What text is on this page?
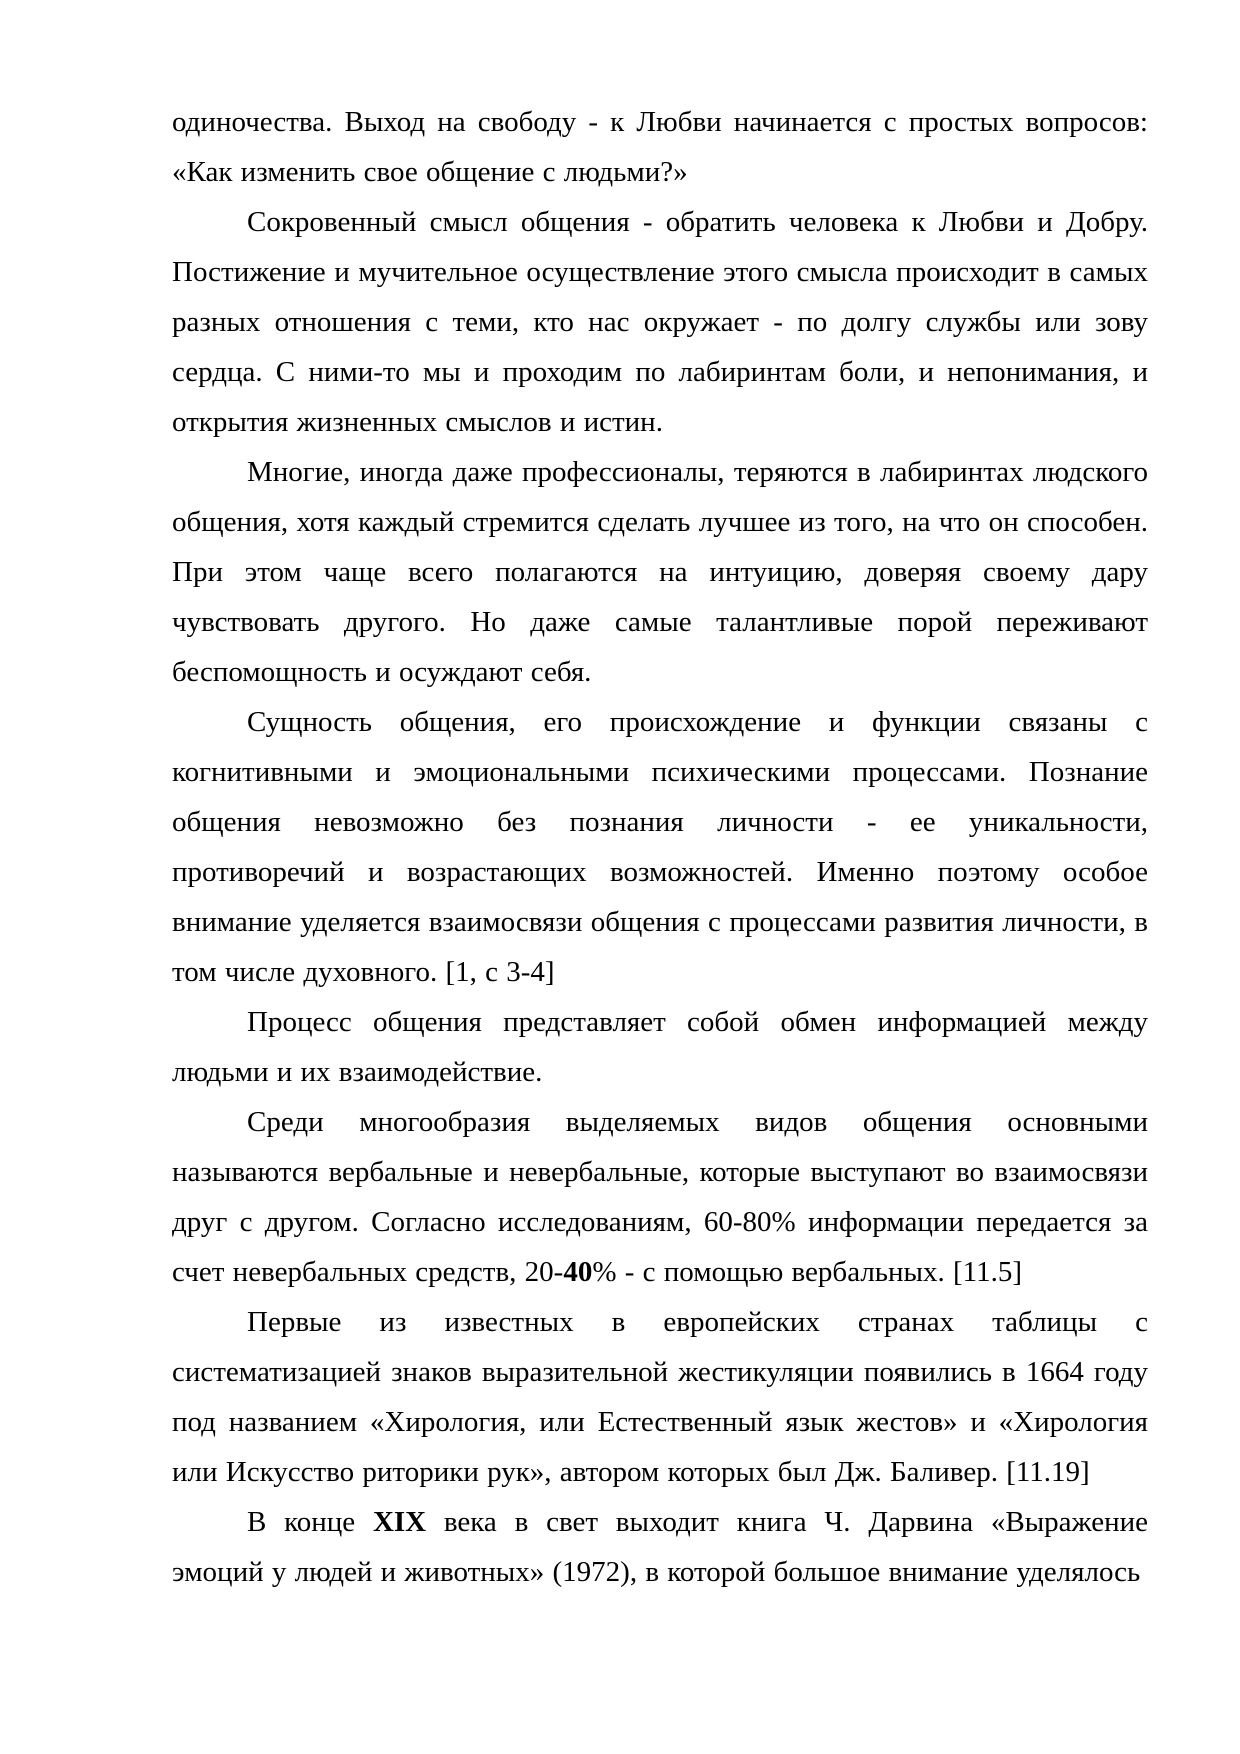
одиночества. Выход на свободу - к Любви начинается с простых вопросов: «Как изменить свое общение с людьми?»

Сокровенный смысл общения - обратить человека к Любви и Добру. Постижение и мучительное осуществление этого смысла происходит в самых разных отношения с теми, кто нас окружает - по долгу службы или зову сердца. С ними-то мы и проходим по лабиринтам боли, и непонимания, и открытия жизненных смыслов и истин.

Многие, иногда даже профессионалы, теряются в лабиринтах людского общения, хотя каждый стремится сделать лучшее из того, на что он способен. При этом чаще всего полагаются на интуицию, доверяя своему дару чувствовать другого. Но даже самые талантливые порой переживают беспомощность и осуждают себя.

Сущность общения, его происхождение и функции связаны с когнитивными и эмоциональными психическими процессами. Познание общения невозможно без познания личности - ее уникальности, противоречий и возрастающих возможностей. Именно поэтому особое внимание уделяется взаимосвязи общения с процессами развития личности, в том числе духовного. [1, с 3-4]

Процесс общения представляет собой обмен информацией между людьми и их взаимодействие.

Среди многообразия выделяемых видов общения основными называются вербальные и невербальные, которые выступают во взаимосвязи друг с другом. Согласно исследованиям, 60-80% информации передается за счет невербальных средств, 20-40% - с помощью вербальных. [11.5]

Первые из известных в европейских странах таблицы с систематизацией знаков выразительной жестикуляции появились в 1664 году под названием «Хирология, или Естественный язык жестов» и «Хирология или Искусство риторики рук», автором которых был Дж. Баливер. [11.19]

В конце XIX века в свет выходит книга Ч. Дарвина «Выражение эмоций у людей и животных» (1972), в которой большое внимание уделялось
